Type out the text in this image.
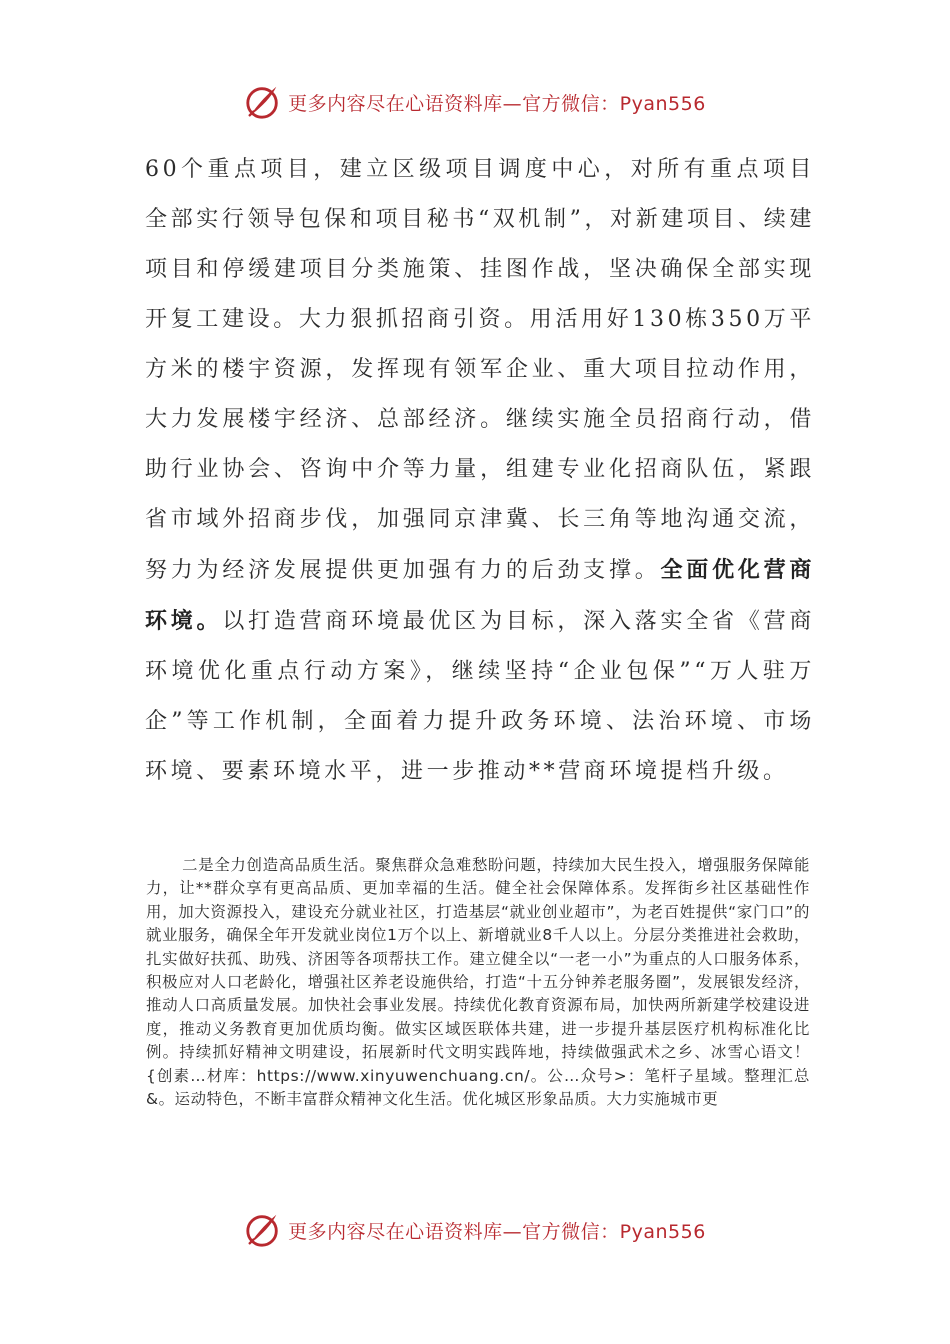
更多内容尽在心语资料库—官方微信：Pyan556

60个重点项目，建立区级项目调度中心，对所有重点项目全部实行领导包保和项目秘书“双机制”，对新建项目、续建项目和停缓建项目分类施策、挂图作战，坚决确保全部实现开复工建设。大力狠抓招商引资。用活用好130栋350万平方米的楼宇资源，发挥现有领军企业、重大项目拉动作用，大力发展楼宇经济、总部经济。继续实施全员招商行动，借助行业协会、咨询中介等力量，组建专业化招商队伍，紧跟省市域外招商步伐，加强同京津冀、长三角等地沟通交流，努力为经济发展提供更加强有力的后劲支撑。全面优化营商环境。以打造营商环境最优区为目标，深入落实全省《营商环境优化重点行动方案》，继续坚持“企业包保”“万人驻万企”等工作机制，全面着力提升政务环境、法治环境、市场环境、要素环境水平，进一步推动**营商环境提档升级。

二是全力创造高品质生活。聚焦群众急难愁盼问题，持续加大民生投入，增强服务保障能力，让**群众享有更高品质、更加幸福的生活。健全社会保障体系。发挥街乡社区基础性作用，加大资源投入，建设充分就业社区，打造基层“就业创业超市”，为老百姓提供“家门口”的就业服务，确保全年开发就业岗位1万个以上、新增就业8千人以上。分层分类推进社会救助，扎实做好扶孤、助残、济困等各项帮扶工作。建立健全以“一老一小”为重点的人口服务体系，积极应对人口老龄化，增强社区养老设施供给，打造“十五分钟养老服务圈”，发展银发经济，推动人口高质量发展。加快社会事业发展。持续优化教育资源布局，加快两所新建学校建设进度，推动义务教育更加优质均衡。做实区域医联体共建，进一步提升基层医疗机构标准化比例。持续抓好精神文明建设，拓展新时代文明实践阵地，持续做强武术之乡、冰雪心语文！{创素…材库：https://www.xinyuwenchuang.cn/。公…众号>：笔杆子星域。整理汇总&。运动特色，不断丰富群众精神文化生活。优化城区形象品质。大力实施城市更

更多内容尽在心语资料库—官方微信：Pyan556
